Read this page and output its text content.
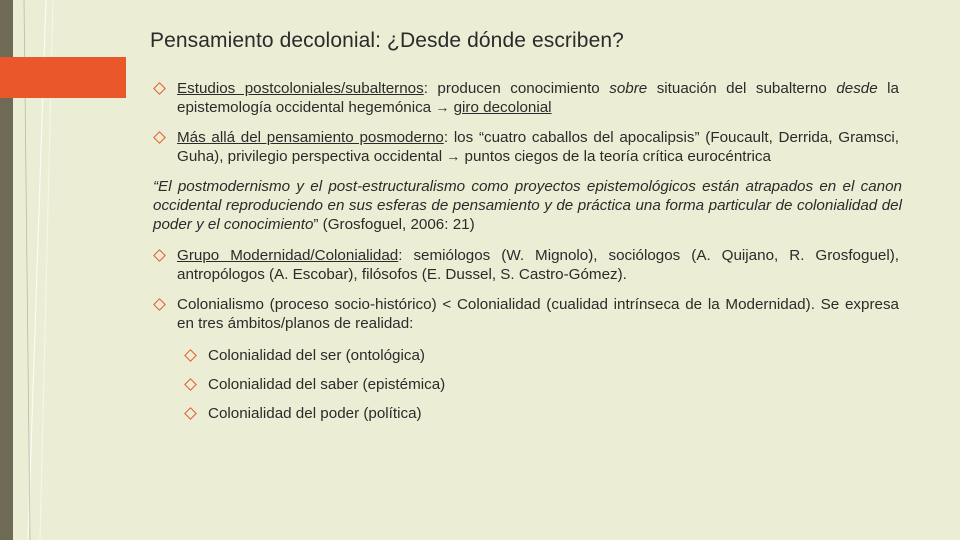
Pensamiento decolonial: ¿Desde dónde escriben?
Estudios postcoloniales/subalternos: producen conocimiento sobre situación del subalterno desde la epistemología occidental hegemónica → giro decolonial
Más allá del pensamiento posmoderno: los “cuatro caballos del apocalipsis” (Foucault, Derrida, Gramsci, Guha), privilegio perspectiva occidental → puntos ciegos de la teoría crítica eurocéntrica
“El postmodernismo y el post-estructuralismo como proyectos epistemológicos están atrapados en el canon occidental reproduciendo en sus esferas de pensamiento y de práctica una forma particular de colonialidad del poder y el conocimiento” (Grosfoguel, 2006: 21)
Grupo Modernidad/Colonialidad: semiólogos (W. Mignolo), sociólogos (A. Quijano, R. Grosfoguel), antropólogos (A. Escobar), filósofos (E. Dussel, S. Castro-Gómez).
Colonialismo (proceso socio-histórico) < Colonialidad (cualidad intrínseca de la Modernidad). Se expresa en tres ámbitos/planos de realidad:
Colonialidad del ser (ontológica)
Colonialidad del saber (epistémica)
Colonialidad del poder (política)
